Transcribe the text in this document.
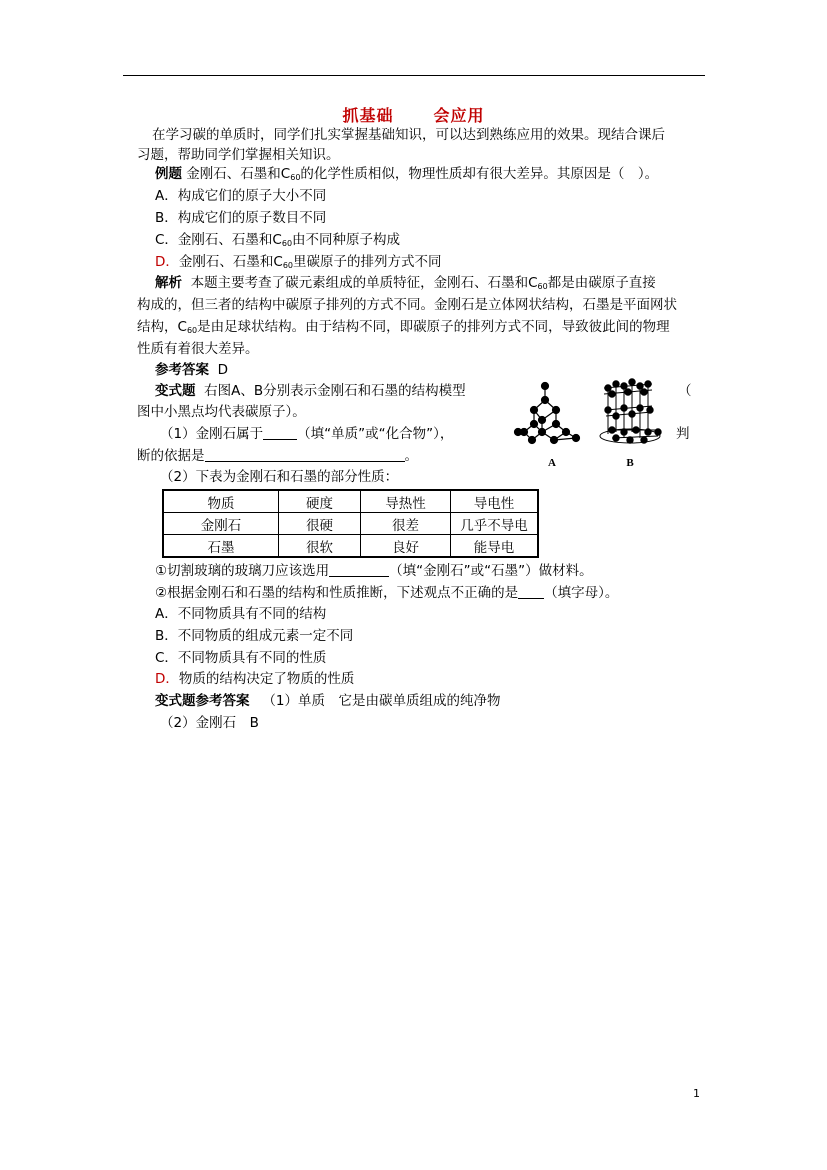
抓基础	会应用
在学习碳的单质时，同学们扎实掌握基础知识，可以达到熟练应用的效果。现结合课后
习题，帮助同学们掌握相关知识。
例题 金刚石、石墨和$C_{60}$的化学性质相似，物理性质却有很大差异。其原因是（　）。
A．构成它们的原子大小不同
B．构成它们的原子数目不同
C．金刚石、石墨和$C_{60}$由不同种原子构成
D．金刚石、石墨和$C_{60}$里碳原子的排列方式不同
解析 本题主要考查了碳元素组成的单质特征，金刚石、石墨和$C_{60}$都是由碳原子直接
构成的，但三者的结构中碳原子排列的方式不同。金刚石是立体网状结构，石墨是平面网状
结构，$C_{60}$是由足球状结构。由于结构不同，即碳原子的排列方式不同，导致彼此间的物理
性质有着很大差异。
参考答案 D
变式题 右图A、B分别表示金刚石和石墨的结构模型	（
图中小黑点均代表碳原子）。
（1）金刚石属于	（填“单质”或“化合物”），	判
断的依据是	。	A	B
（2）下表为金刚石和石墨的部分性质：
物质	硬度	导热性	导电性
金刚石	很硬	很差	几乎不导电
石墨	很软	良好	能导电
①切割玻璃的玻璃刀应该选用	（填“金刚石”或“石墨”）做材料。
②根据金刚石和石墨的结构和性质推断，下述观点不正确的是 （填字母）。
A．不同物质具有不同的结构
B．不同物质的组成元素一定不同
C．不同物质具有不同的性质
D．物质的结构决定了物质的性质
变式题参考答案 （1）单质　它是由碳单质组成的纯净物
（2）金刚石　B
1
